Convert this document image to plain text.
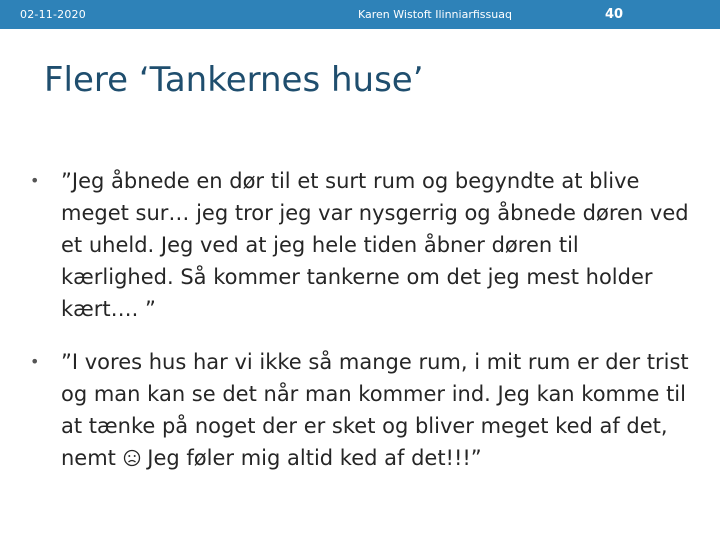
02-11-2020	Karen Wistoft Ilinniarfissuaq	40
Flere ‘Tankernes huse’
• ”Jeg åbnede en dør til et surt rum og begyndte at blive meget sur… jeg tror jeg var nysgerrig og åbnede døren ved et uheld. Jeg ved at jeg hele tiden åbner døren til kærlighed. Så kommer tankerne om det jeg mest holder kært…. ”
• ”I vores hus har vi ikke så mange rum, i mit rum er der trist og man kan se det når man kommer ind. Jeg kan komme til at tænke på noget der er sket og bliver meget ked af det, nemt Jeg føler mig altid ked af det!!!”
